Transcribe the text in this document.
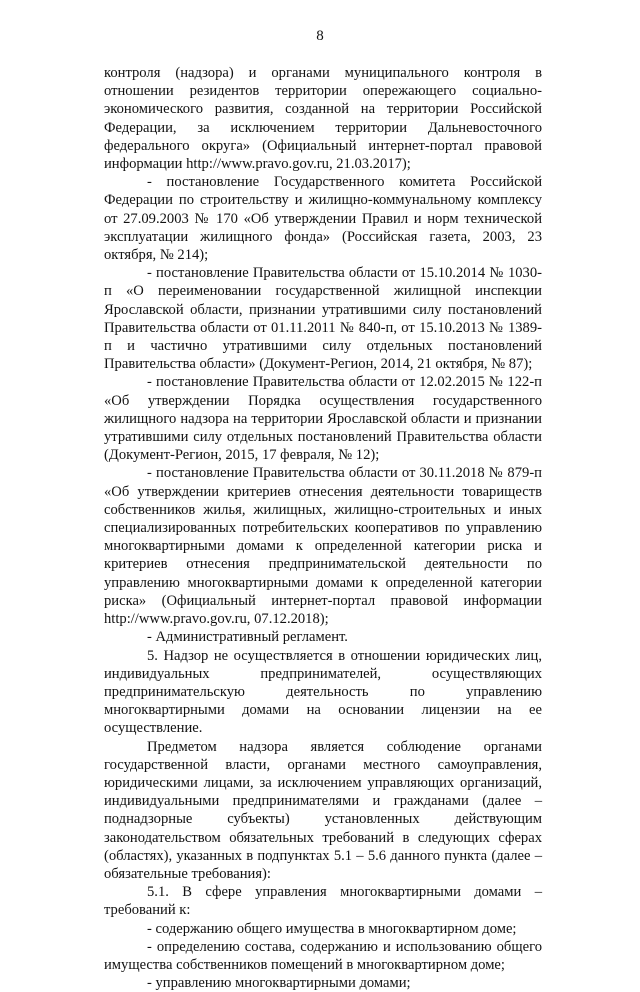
8

контроля (надзора) и органами муниципального контроля в отношении резидентов территории опережающего социально-экономического развития, созданной на территории Российской Федерации, за исключением территории Дальневосточного федерального округа» (Официальный интернет-портал правовой информации http://www.pravo.gov.ru, 21.03.2017);

- постановление Государственного комитета Российской Федерации по строительству и жилищно-коммунальному комплексу от 27.09.2003 № 170 «Об утверждении Правил и норм технической эксплуатации жилищного фонда» (Российская газета, 2003, 23 октября, № 214);

- постановление Правительства области от 15.10.2014 № 1030-п «О переименовании государственной жилищной инспекции Ярославской области, признании утратившими силу постановлений Правительства области от 01.11.2011 № 840-п, от 15.10.2013 № 1389-п и частично утратившими силу отдельных постановлений Правительства области» (Документ-Регион, 2014, 21 октября, № 87);

- постановление Правительства области от 12.02.2015 № 122-п «Об утверждении Порядка осуществления государственного жилищного надзора на территории Ярославской области и признании утратившими силу отдельных постановлений Правительства области (Документ-Регион, 2015, 17 февраля, № 12);

- постановление Правительства области от 30.11.2018 № 879-п «Об утверждении критериев отнесения деятельности товариществ собственников жилья, жилищных, жилищно-строительных и иных специализированных потребительских кооперативов по управлению многоквартирными домами к определенной категории риска и критериев отнесения предпринимательской деятельности по управлению многоквартирными домами к определенной категории риска» (Официальный интернет-портал правовой информации http://www.pravo.gov.ru, 07.12.2018);

- Административный регламент.

5. Надзор не осуществляется в отношении юридических лиц, индивидуальных предпринимателей, осуществляющих предпринимательскую деятельность по управлению многоквартирными домами на основании лицензии на ее осуществление.

Предметом надзора является соблюдение органами государственной власти, органами местного самоуправления, юридическими лицами, за исключением управляющих организаций, индивидуальными предпринимателями и гражданами (далее – поднадзорные субъекты) установленных действующим законодательством обязательных требований в следующих сферах (областях), указанных в подпунктах 5.1 – 5.6 данного пункта (далее – обязательные требования):

5.1. В сфере управления многоквартирными домами – требований к:

- содержанию общего имущества в многоквартирном доме;

- определению состава, содержанию и использованию общего имущества собственников помещений в многоквартирном доме;

- управлению многоквартирными домами;
